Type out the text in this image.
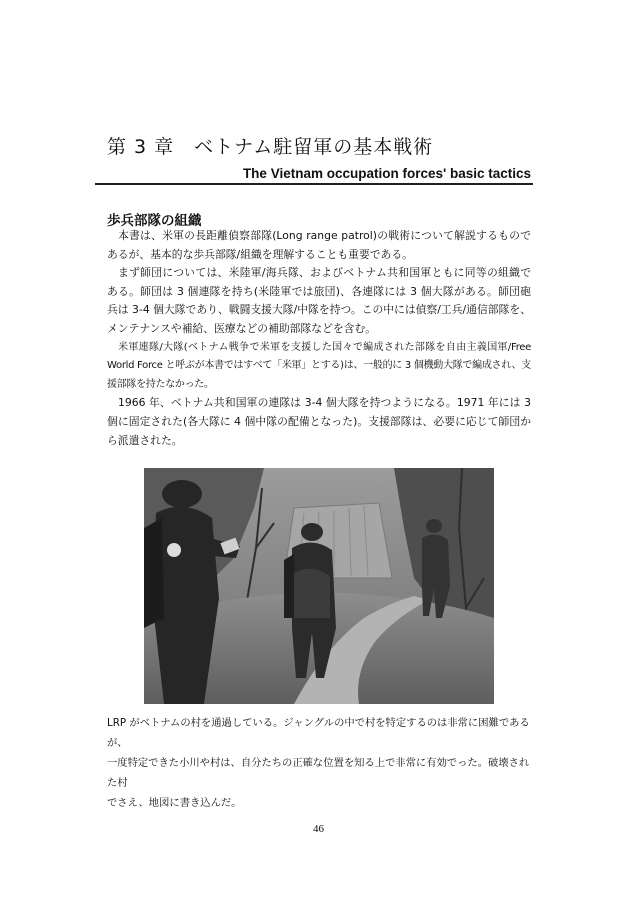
第 3 章 ベトナム駐留軍の基本戦術
The Vietnam occupation forces' basic tactics
歩兵部隊の組織

本書は、米軍の長距離偵察部隊(Long range patrol)の戦術について解説するものであるが、基本的な歩兵部隊/組織を理解することも重要である。

まず師団については、米陸軍/海兵隊、およびベトナム共和国軍ともに同等の組織である。師団は 3 個連隊を持ち(米陸軍では旅団)、各連隊には 3 個大隊がある。師団砲兵は 3-4 個大隊であり、戦闘支援大隊/中隊を持つ。この中には偵察/工兵/通信部隊を、メンテナンスや補給、医療などの補助部隊などを含む。

米軍連隊/大隊(ベトナム戦争で米軍を支援した国々で編成された部隊を自由主義国軍/Free World Force と呼ぶが本書ではすべて「米軍」とする)は、一般的に 3 個機動大隊で編成され、支援部隊を持たなかった。

1966 年、ベトナム共和国軍の連隊は 3-4 個大隊を持つようになる。1971 年には 3 個に固定された(各大隊に 4 個中隊の配備となった)。支援部隊は、必要に応じて師団から派遣された。

LRP がベトナムの村を通過している。ジャングルの中で村を特定するのは非常に困難であるが、

一度特定できた小川や村は、自分たちの正確な位置を知る上で非常に有効でった。破壊された村

でさえ、地図に書き込んだ。

46
